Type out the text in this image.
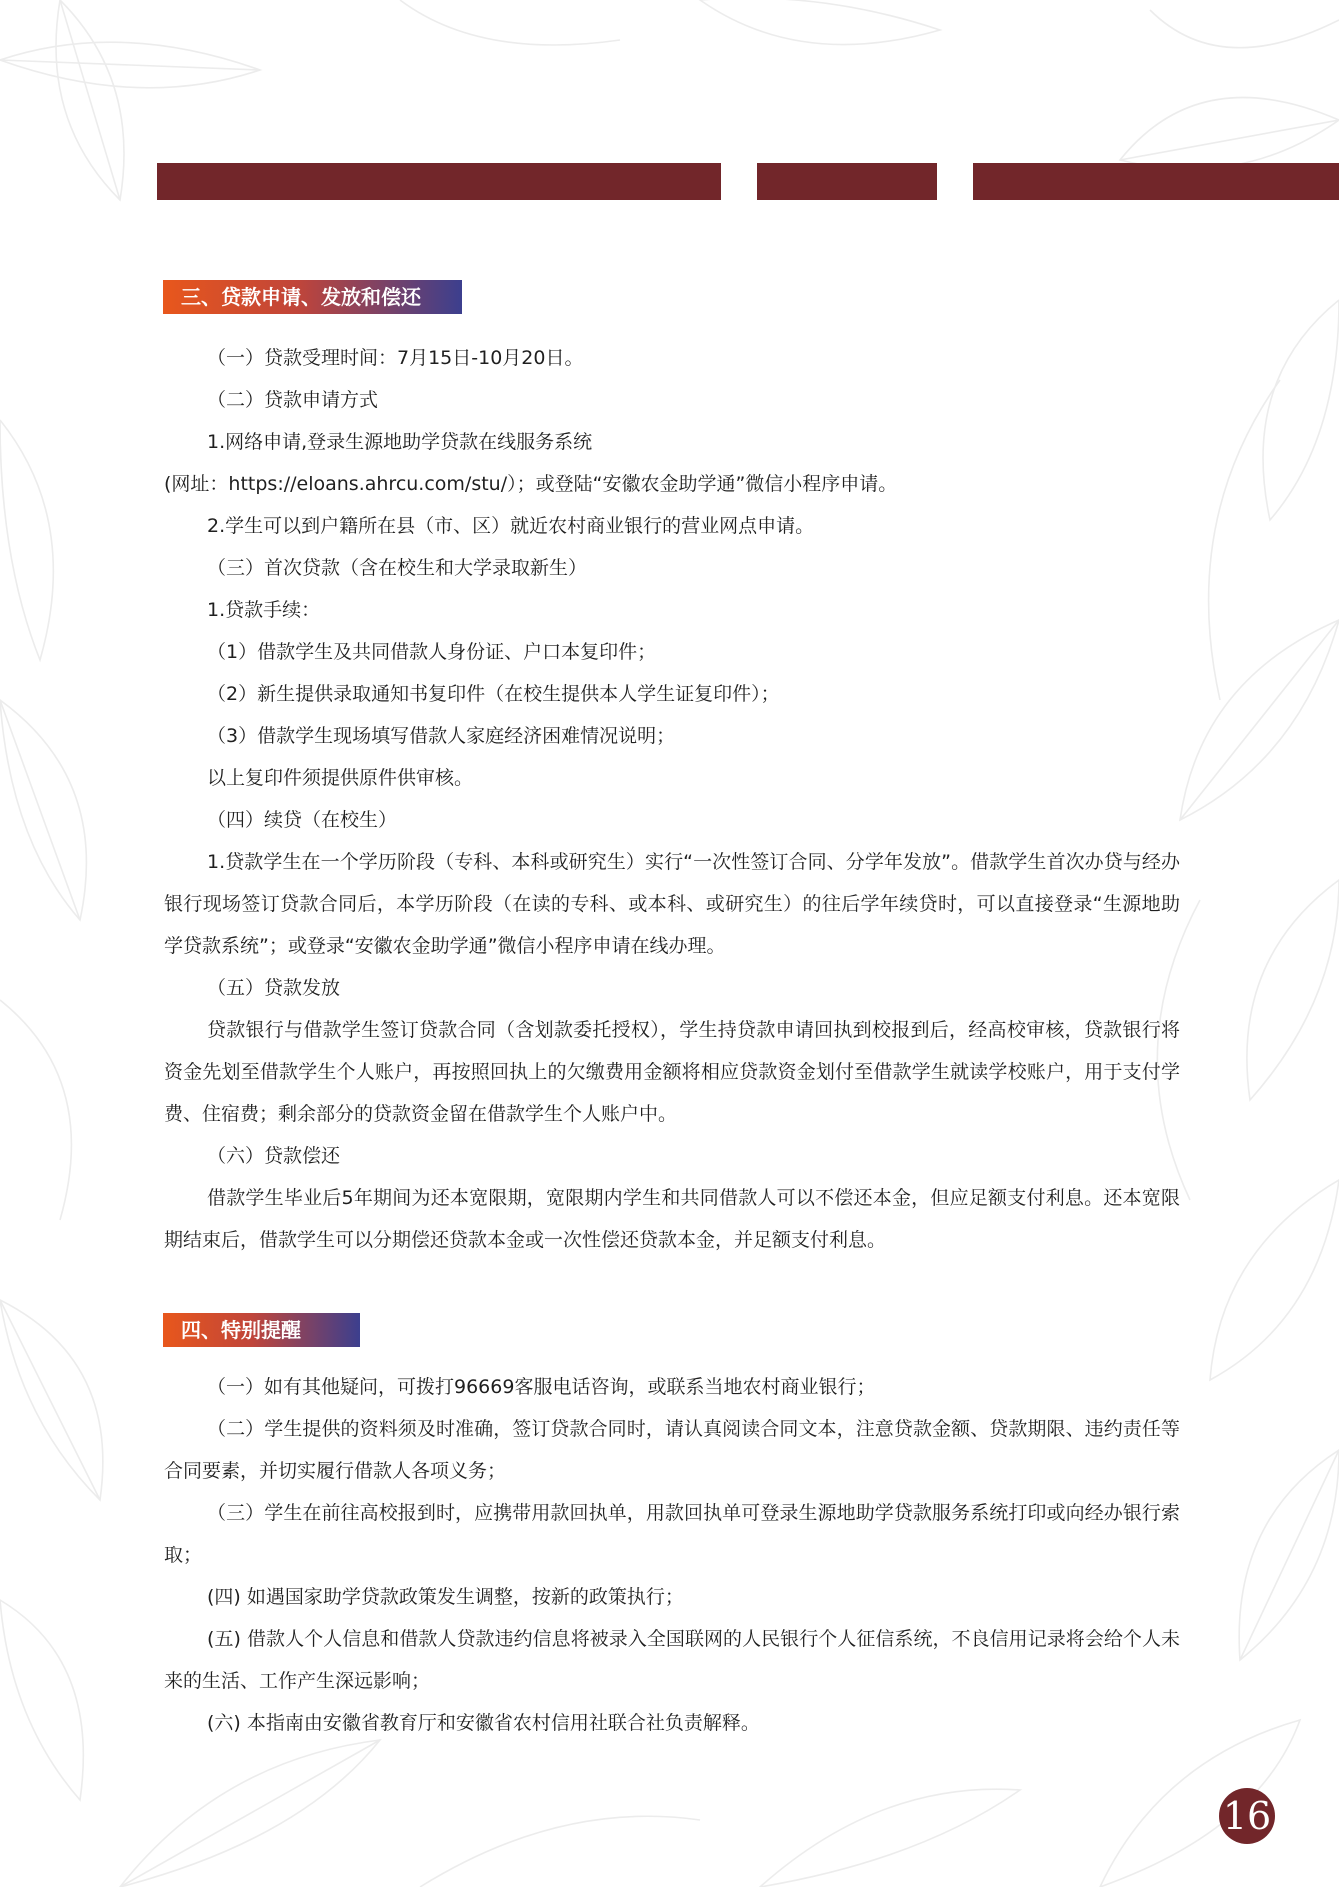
三、贷款申请、发放和偿还

（一）贷款受理时间：7月15日-10月20日。

（二）贷款申请方式

1.网络申请,登录生源地助学贷款在线服务系统

(网址：https://eloans.ahrcu.com/stu/）；或登陆“安徽农金助学通”微信小程序申请。

2.学生可以到户籍所在县（市、区）就近农村商业银行的营业网点申请。

（三）首次贷款（含在校生和大学录取新生）

1.贷款手续：

（1）借款学生及共同借款人身份证、户口本复印件；

（2）新生提供录取通知书复印件（在校生提供本人学生证复印件）；

（3）借款学生现场填写借款人家庭经济困难情况说明；

以上复印件须提供原件供审核。

（四）续贷（在校生）

1.贷款学生在一个学历阶段（专科、本科或研究生）实行“一次性签订合同、分学年发放”。借款学生首次办贷与经办银行现场签订贷款合同后，本学历阶段（在读的专科、或本科、或研究生）的往后学年续贷时，可以直接登录“生源地助学贷款系统”；或登录“安徽农金助学通”微信小程序申请在线办理。

（五）贷款发放

贷款银行与借款学生签订贷款合同（含划款委托授权），学生持贷款申请回执到校报到后，经高校审核，贷款银行将资金先划至借款学生个人账户，再按照回执上的欠缴费用金额将相应贷款资金划付至借款学生就读学校账户，用于支付学费、住宿费；剩余部分的贷款资金留在借款学生个人账户中。

（六）贷款偿还

借款学生毕业后5年期间为还本宽限期，宽限期内学生和共同借款人可以不偿还本金，但应足额支付利息。还本宽限期结束后，借款学生可以分期偿还贷款本金或一次性偿还贷款本金，并足额支付利息。

四、特别提醒

（一）如有其他疑问，可拨打96669客服电话咨询，或联系当地农村商业银行；

（二）学生提供的资料须及时准确，签订贷款合同时，请认真阅读合同文本，注意贷款金额、贷款期限、违约责任等合同要素，并切实履行借款人各项义务；

（三）学生在前往高校报到时，应携带用款回执单，用款回执单可登录生源地助学贷款服务系统打印或向经办银行索取；

(四) 如遇国家助学贷款政策发生调整，按新的政策执行；

(五) 借款人个人信息和借款人贷款违约信息将被录入全国联网的人民银行个人征信系统，不良信用记录将会给个人未来的生活、工作产生深远影响；

(六) 本指南由安徽省教育厅和安徽省农村信用社联合社负责解释。

16
